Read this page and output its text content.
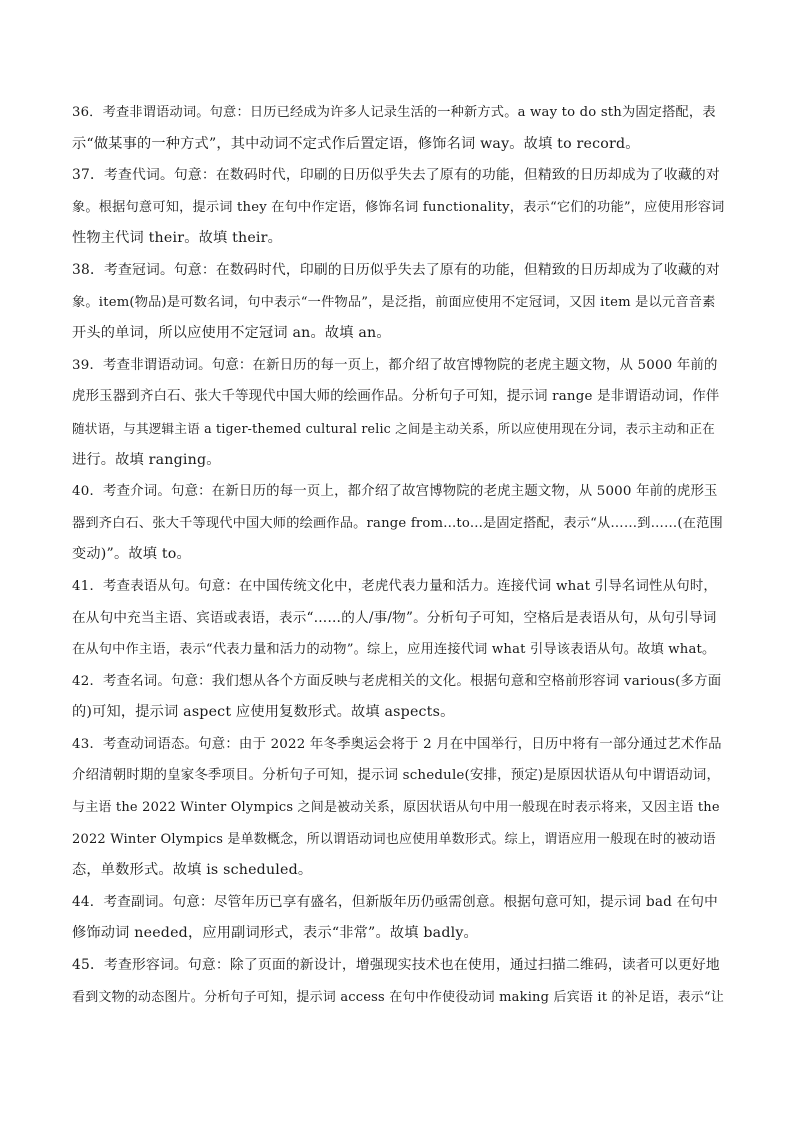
36．考查非谓语动词。句意：日历已经成为许多人记录生活的一种新方式。a way to do sth为固定搭配，表
示“做某事的一种方式”，其中动词不定式作后置定语，修饰名词 way。故填 to record。
37．考查代词。句意：在数码时代，印刷的日历似乎失去了原有的功能，但精致的日历却成为了收藏的对
象。根据句意可知，提示词 they 在句中作定语，修饰名词 functionality，表示“它们的功能”，应使用形容词
性物主代词 their。故填 their。
38．考查冠词。句意：在数码时代，印刷的日历似乎失去了原有的功能，但精致的日历却成为了收藏的对
象。item(物品)是可数名词，句中表示“一件物品”，是泛指，前面应使用不定冠词，又因 item 是以元音音素
开头的单词，所以应使用不定冠词 an。故填 an。
39．考查非谓语动词。句意：在新日历的每一页上，都介绍了故宫博物院的老虎主题文物，从 5000 年前的
虎形玉器到齐白石、张大千等现代中国大师的绘画作品。分析句子可知，提示词 range 是非谓语动词，作伴
随状语，与其逻辑主语 a tiger-themed cultural relic 之间是主动关系，所以应使用现在分词，表示主动和正在
进行。故填 ranging。
40．考查介词。句意：在新日历的每一页上，都介绍了故宫博物院的老虎主题文物，从 5000 年前的虎形玉
器到齐白石、张大千等现代中国大师的绘画作品。range from...to...是固定搭配，表示“从……到……(在范围
变动)”。故填 to。
41．考查表语从句。句意：在中国传统文化中，老虎代表力量和活力。连接代词 what 引导名词性从句时，
在从句中充当主语、宾语或表语，表示“……的人/事/物”。分析句子可知，空格后是表语从句，从句引导词
在从句中作主语，表示“代表力量和活力的动物”。综上，应用连接代词 what 引导该表语从句。故填 what。
42．考查名词。句意：我们想从各个方面反映与老虎相关的文化。根据句意和空格前形容词 various(多方面
的)可知，提示词 aspect 应使用复数形式。故填 aspects。
43．考查动词语态。句意：由于 2022 年冬季奥运会将于 2 月在中国举行，日历中将有一部分通过艺术作品
介绍清朝时期的皇家冬季项目。分析句子可知，提示词 schedule(安排，预定)是原因状语从句中谓语动词，
与主语 the 2022 Winter Olympics 之间是被动关系，原因状语从句中用一般现在时表示将来，又因主语 the
2022 Winter Olympics 是单数概念，所以谓语动词也应使用单数形式。综上，谓语应用一般现在时的被动语
态，单数形式。故填 is scheduled。
44．考查副词。句意：尽管年历已享有盛名，但新版年历仍亟需创意。根据句意可知，提示词 bad 在句中
修饰动词 needed，应用副词形式，表示“非常”。故填 badly。
45．考查形容词。句意：除了页面的新设计，增强现实技术也在使用，通过扫描二维码，读者可以更好地
看到文物的动态图片。分析句子可知，提示词 access 在句中作使役动词 making 后宾语 it 的补足语，表示“让
